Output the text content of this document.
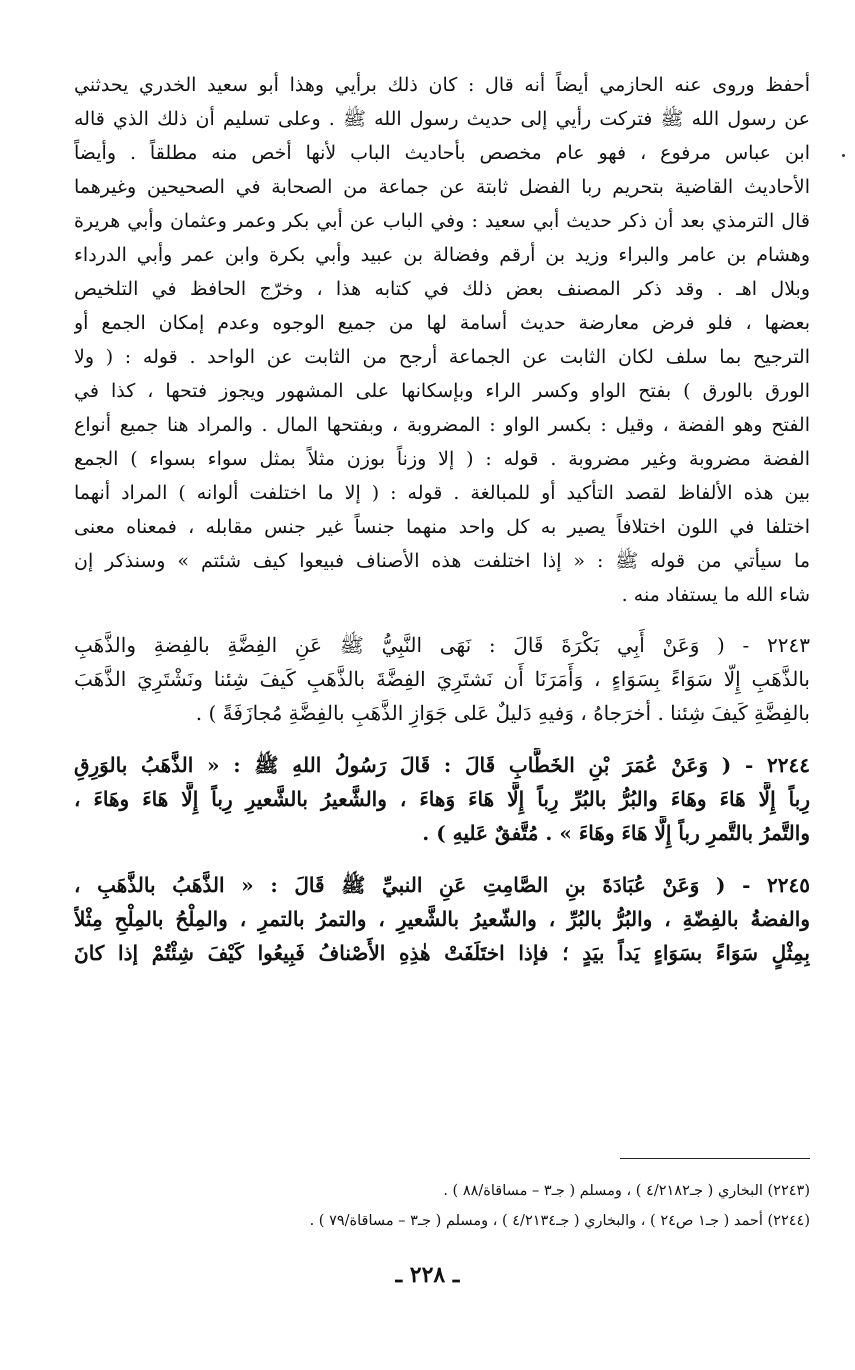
أحفظ وروى عنه الحازمي أيضاً أنه قال : كان ذلك برأيي وهذا أبو سعيد الخدري يحدثني
عن رسول الله ﷺ فتركت رأيي إلى حديث رسول الله ﷺ . وعلى تسليم أن ذلك الذي قاله
ابن عباس مرفوع ، فهو عام مخصص بأحاديث الباب لأنها أخص منه مطلقاً . وأيضاً
الأحاديث القاضية بتحريم ربا الفضل ثابتة عن جماعة من الصحابة في الصحيحين وغيرهما
قال الترمذي بعد أن ذكر حديث أبي سعيد : وفي الباب عن أبي بكر وعمر وعثمان وأبي هريرة
وهشام بن عامر والبراء وزيد بن أرقم وفضالة بن عبيد وأبي بكرة وابن عمر وأبي الدرداء
وبلال اهـ . وقد ذكر المصنف بعض ذلك في كتابه هذا ، وخرّج الحافظ في التلخيص
بعضها ، فلو فرض معارضة حديث أسامة لها من جميع الوجوه وعدم إمكان الجمع أو
الترجيح بما سلف لكان الثابت عن الجماعة أرجح من الثابت عن الواحد . قوله : ( ولا
الورق بالورق ) بفتح الواو وكسر الراء وبإسكانها على المشهور ويجوز فتحها ، كذا في
الفتح وهو الفضة ، وقيل : بكسر الواو : المضروبة ، وبفتحها المال . والمراد هنا جميع أنواع
الفضة مضروبة وغير مضروبة . قوله : ( إلا وزناً بوزن مثلاً بمثل سواء بسواء ) الجمع
بين هذه الألفاظ لقصد التأكيد أو للمبالغة . قوله : ( إلا ما اختلفت ألوانه ) المراد أنهما
اختلفا في اللون اختلافاً يصير به كل واحد منهما جنساً غير جنس مقابله ، فمعناه معنى
ما سيأتي من قوله ﷺ : « إذا اختلفت هذه الأصناف فبيعوا كيف شئتم » وسنذكر إن
شاء الله ما يستفاد منه .
٢٢٤٣ - ( وَعَنْ أَبِي بَكْرَةَ قَالَ : نَهَى النَّبِيُّ ﷺ عَنِ الفِضَّةِ بالفِضةِ والذَّهَبِ
بالذَّهَبِ إِلّا سَوَاءً بِسَوَاءٍ ، وَأَمَرَنَا أَن نَشتَرِيَ الفِضَّةَ بالذَّهَبِ كَيفَ شِئنا ونَشْتَرِيَ الذَّهَبَ
بالفِضَّةِ كَيفَ شِئنا . أخرَجاهُ ، وَفيهِ دَليلٌ عَلى جَوَازِ الذَّهَبِ بالفِضَّةِ مُجازَفَةً ) .
٢٢٤٤ - ( وَعَنْ عُمَرَ بْنِ الخَطَّابِ قَالَ : قَالَ رَسُولُ اللهِ ﷺ : « الذَّهَبُ بالوَرِقِ
رِباً إِلَّا هَاءَ وهَاءَ والبُرُّ بالبُرِّ رِباً إِلَّا هَاءَ وَهاءَ ، والشَّعيرُ بالشَّعيرِ رِباً إِلَّا هَاءَ وهَاءَ ،
والتَّمرُ بالتَّمرِ رباً إِلَّا هَاءَ وهَاءَ » . مُتَّفقٌ عَليهِ ) .
٢٢٤٥ - ( وَعَنْ عُبَادَةَ بنِ الصَّامِتِ عَنِ النبيِّ ﷺ قَالَ : « الذَّهَبُ بالذَّهَبِ ،
والفضةُ بالفِضّةِ ، والبُرُّ بالبُرِّ ، والشّعيرُ بالشَّعيرِ ، والتمرُ بالتمرِ ، والمِلْحُ بالمِلْحِ مِثْلاً
بِمِثْلٍ سَوَاءً بسَوَاءٍ يَداً بيَدٍ ؛ فإذا اختَلَفَتْ هٰذِهِ الأَصْنافُ فَبِيعُوا كَيْفَ شِئْتُمْ إذا كانَ
(٢٢٤٣) البخاري ( جـ٤/٢١٨٢ ) ، ومسلم ( جـ٣ – مساقاة/٨٨ ) .
(٢٢٤٤) أحمد ( جـ١ ص٢٤ ) ، والبخاري ( جـ٤/٢١٣٤ ) ، ومسلم ( جـ٣ – مساقاة/٧٩ ) .
ـ ٢٢٨ ـ
